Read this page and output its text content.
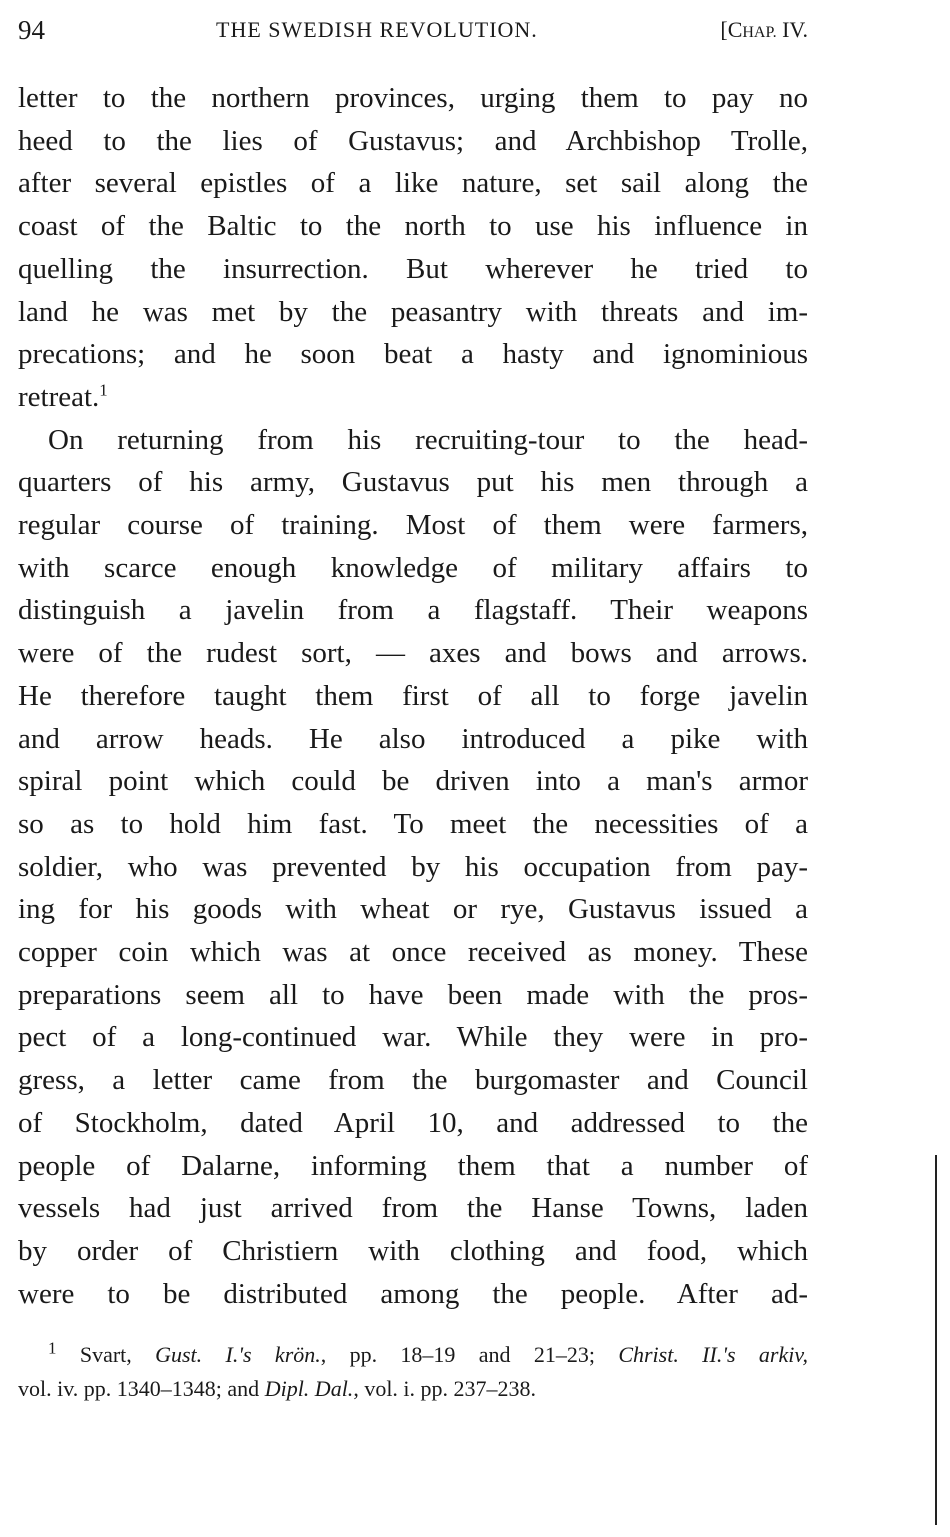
94	THE SWEDISH REVOLUTION.	[CHAP. IV.
letter to the northern provinces, urging them to pay no
heed to the lies of Gustavus; and Archbishop Trolle,
after several epistles of a like nature, set sail along the
coast of the Baltic to the north to use his influence in
quelling the insurrection. But wherever he tried to
land he was met by the peasantry with threats and im-
precations; and he soon beat a hasty and ignominious
retreat.$^1$
On returning from his recruiting-tour to the head-
quarters of his army, Gustavus put his men through a
regular course of training. Most of them were farmers,
with scarce enough knowledge of military affairs to
distinguish a javelin from a flagstaff. Their weapons
were of the rudest sort, — axes and bows and arrows.
He therefore taught them first of all to forge javelin
and arrow heads. He also introduced a pike with
spiral point which could be driven into a man's armor
so as to hold him fast. To meet the necessities of a
soldier, who was prevented by his occupation from pay-
ing for his goods with wheat or rye, Gustavus issued a
copper coin which was at once received as money. These
preparations seem all to have been made with the pros-
pect of a long-continued war. While they were in pro-
gress, a letter came from the burgomaster and Council
of Stockholm, dated April 10, and addressed to the
people of Dalarne, informing them that a number of
vessels had just arrived from the Hanse Towns, laden
by order of Christiern with clothing and food, which
were to be distributed among the people. After ad-
$^1$ Svart, Gust. I.'s krön., pp. 18–19 and 21–23; Christ. II.'s arkiv,
vol. iv. pp. 1340–1348; and Dipl. Dal., vol. i. pp. 237–238.
